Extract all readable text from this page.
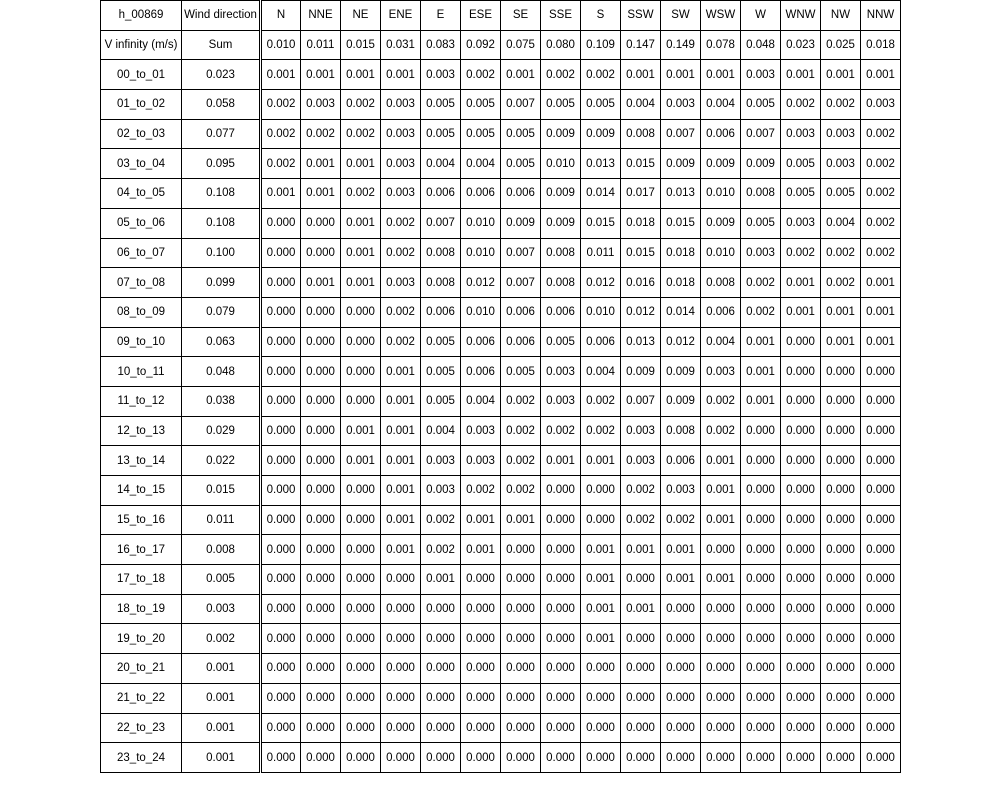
h_00869	Wind direction	N	NNE	NE	ENE	E	ESE	SE	SSE	S	SSW	SW	WSW	W	WNW	NW	NNW
V infinity (m/s)	Sum	0.010	0.011	0.015	0.031	0.083	0.092	0.075	0.080	0.109	0.147	0.149	0.078	0.048	0.023	0.025	0.018
00_to_01	0.023	0.001	0.001	0.001	0.001	0.003	0.002	0.001	0.002	0.002	0.001	0.001	0.001	0.003	0.001	0.001	0.001
01_to_02	0.058	0.002	0.003	0.002	0.003	0.005	0.005	0.007	0.005	0.005	0.004	0.003	0.004	0.005	0.002	0.002	0.003
02_to_03	0.077	0.002	0.002	0.002	0.003	0.005	0.005	0.005	0.009	0.009	0.008	0.007	0.006	0.007	0.003	0.003	0.002
03_to_04	0.095	0.002	0.001	0.001	0.003	0.004	0.004	0.005	0.010	0.013	0.015	0.009	0.009	0.009	0.005	0.003	0.002
04_to_05	0.108	0.001	0.001	0.002	0.003	0.006	0.006	0.006	0.009	0.014	0.017	0.013	0.010	0.008	0.005	0.005	0.002
05_to_06	0.108	0.000	0.000	0.001	0.002	0.007	0.010	0.009	0.009	0.015	0.018	0.015	0.009	0.005	0.003	0.004	0.002
06_to_07	0.100	0.000	0.000	0.001	0.002	0.008	0.010	0.007	0.008	0.011	0.015	0.018	0.010	0.003	0.002	0.002	0.002
07_to_08	0.099	0.000	0.001	0.001	0.003	0.008	0.012	0.007	0.008	0.012	0.016	0.018	0.008	0.002	0.001	0.002	0.001
08_to_09	0.079	0.000	0.000	0.000	0.002	0.006	0.010	0.006	0.006	0.010	0.012	0.014	0.006	0.002	0.001	0.001	0.001
09_to_10	0.063	0.000	0.000	0.000	0.002	0.005	0.006	0.006	0.005	0.006	0.013	0.012	0.004	0.001	0.000	0.001	0.001
10_to_11	0.048	0.000	0.000	0.000	0.001	0.005	0.006	0.005	0.003	0.004	0.009	0.009	0.003	0.001	0.000	0.000	0.000
11_to_12	0.038	0.000	0.000	0.000	0.001	0.005	0.004	0.002	0.003	0.002	0.007	0.009	0.002	0.001	0.000	0.000	0.000
12_to_13	0.029	0.000	0.000	0.001	0.001	0.004	0.003	0.002	0.002	0.002	0.003	0.008	0.002	0.000	0.000	0.000	0.000
13_to_14	0.022	0.000	0.000	0.001	0.001	0.003	0.003	0.002	0.001	0.001	0.003	0.006	0.001	0.000	0.000	0.000	0.000
14_to_15	0.015	0.000	0.000	0.000	0.001	0.003	0.002	0.002	0.000	0.000	0.002	0.003	0.001	0.000	0.000	0.000	0.000
15_to_16	0.011	0.000	0.000	0.000	0.001	0.002	0.001	0.001	0.000	0.000	0.002	0.002	0.001	0.000	0.000	0.000	0.000
16_to_17	0.008	0.000	0.000	0.000	0.001	0.002	0.001	0.000	0.000	0.001	0.001	0.001	0.000	0.000	0.000	0.000	0.000
17_to_18	0.005	0.000	0.000	0.000	0.000	0.001	0.000	0.000	0.000	0.001	0.000	0.001	0.001	0.000	0.000	0.000	0.000
18_to_19	0.003	0.000	0.000	0.000	0.000	0.000	0.000	0.000	0.000	0.001	0.001	0.000	0.000	0.000	0.000	0.000	0.000
19_to_20	0.002	0.000	0.000	0.000	0.000	0.000	0.000	0.000	0.000	0.001	0.000	0.000	0.000	0.000	0.000	0.000	0.000
20_to_21	0.001	0.000	0.000	0.000	0.000	0.000	0.000	0.000	0.000	0.000	0.000	0.000	0.000	0.000	0.000	0.000	0.000
21_to_22	0.001	0.000	0.000	0.000	0.000	0.000	0.000	0.000	0.000	0.000	0.000	0.000	0.000	0.000	0.000	0.000	0.000
22_to_23	0.001	0.000	0.000	0.000	0.000	0.000	0.000	0.000	0.000	0.000	0.000	0.000	0.000	0.000	0.000	0.000	0.000
23_to_24	0.001	0.000	0.000	0.000	0.000	0.000	0.000	0.000	0.000	0.000	0.000	0.000	0.000	0.000	0.000	0.000	0.000
